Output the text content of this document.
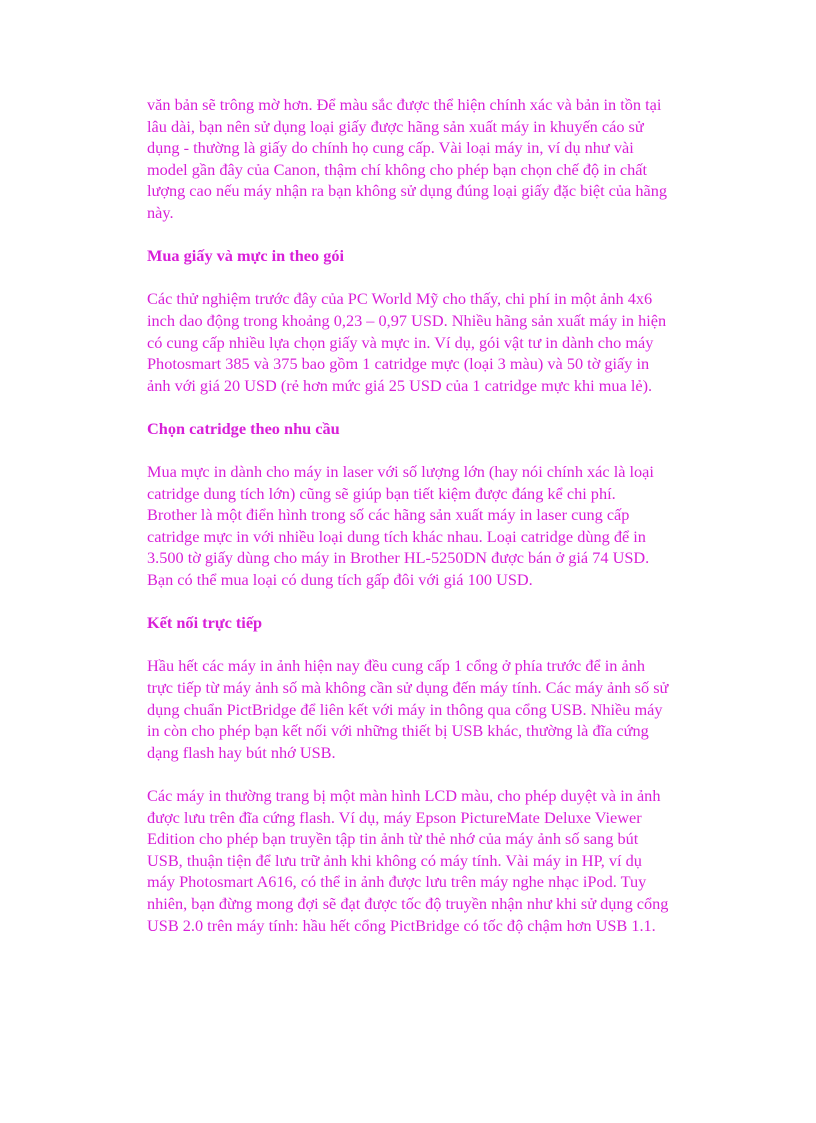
văn bản sẽ trông mờ hơn. Để màu sắc được thể hiện chính xác và bản in tồn tại lâu dài, bạn nên sử dụng loại giấy được hãng sản xuất máy in khuyến cáo sử dụng - thường là giấy do chính họ cung cấp. Vài loại máy in, ví dụ như vài model gần đây của Canon, thậm chí không cho phép bạn chọn chế độ in chất lượng cao nếu máy nhận ra bạn không sử dụng đúng loại giấy đặc biệt của hãng này.

Mua giấy và mực in theo gói

Các thử nghiệm trước đây của PC World Mỹ cho thấy, chi phí in một ảnh 4x6 inch dao động trong khoảng 0,23 – 0,97 USD. Nhiều hãng sản xuất máy in hiện có cung cấp nhiều lựa chọn giấy và mực in. Ví dụ, gói vật tư in dành cho máy Photosmart 385 và 375 bao gồm 1 catridge mực (loại 3 màu) và 50 tờ giấy in ảnh với giá 20 USD (rẻ hơn mức giá 25 USD của 1 catridge mực khi mua lẻ).

Chọn catridge theo nhu cầu

Mua mực in dành cho máy in laser với số lượng lớn (hay nói chính xác là loại catridge dung tích lớn) cũng sẽ giúp bạn tiết kiệm được đáng kể chi phí. Brother là một điển hình trong số các hãng sản xuất máy in laser cung cấp catridge mực in với nhiều loại dung tích khác nhau. Loại catridge dùng để in 3.500 tờ giấy dùng cho máy in Brother HL-5250DN được bán ở giá 74 USD. Bạn có thể mua loại có dung tích gấp đôi với giá 100 USD.

Kết nối trực tiếp

Hầu hết các máy in ảnh hiện nay đều cung cấp 1 cổng ở phía trước để in ảnh trực tiếp từ máy ảnh số mà không cần sử dụng đến máy tính. Các máy ảnh số sử dụng chuẩn PictBridge để liên kết với máy in thông qua cổng USB. Nhiều máy in còn cho phép bạn kết nối với những thiết bị USB khác, thường là đĩa cứng dạng flash hay bút nhớ USB.

Các máy in thường trang bị một màn hình LCD màu, cho phép duyệt và in ảnh được lưu trên đĩa cứng flash. Ví dụ, máy Epson PictureMate Deluxe Viewer Edition cho phép bạn truyền tập tin ảnh từ thẻ nhớ của máy ảnh số sang bút USB, thuận tiện để lưu trữ ảnh khi không có máy tính. Vài máy in HP, ví dụ máy Photosmart A616, có thể in ảnh được lưu trên máy nghe nhạc iPod. Tuy nhiên, bạn đừng mong đợi sẽ đạt được tốc độ truyền nhận như khi sử dụng cổng USB 2.0 trên máy tính: hầu hết cổng PictBridge có tốc độ chậm hơn USB 1.1.
